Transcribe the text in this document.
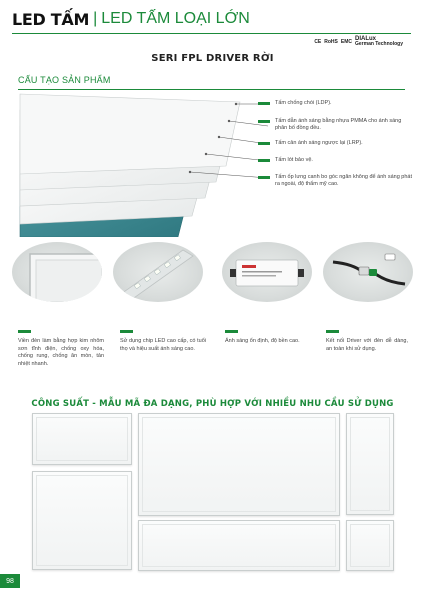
LED TẤM | LED TẤM LOẠI LỚN
CE RoHS EMC DIALux
German Technology
SERI FPL DRIVER RỜI
CẤU TẠO SẢN PHẨM
Tấm chống chói (LDP).
Tấm dẫn ánh sáng bằng nhựa PMMA cho ánh sáng phân bố đồng đều.
Tấm cản ánh sáng ngược lại (LRP).
Tấm lót bảo vệ.
Tấm ốp lưng canh bo góc ngăn không để ánh sáng phát ra ngoài, độ thẩm mỹ cao.
Viền đèn làm bằng hợp kim nhôm sơn tĩnh điện, chống oxy hóa, chống rung, chống ăn mòn, tản nhiệt nhanh.
Sử dụng chip LED cao cấp, có tuổi thọ và hiệu suất ánh sáng cao.
Ánh sáng ổn định, độ bền cao.	Kết nối Driver với đèn dễ dàng, an toàn khi sử dụng.
CÔNG SUẤT - MẪU MÃ ĐA DẠNG, PHÙ HỢP VỚI NHIỀU NHU CẦU SỬ DỤNG
98
